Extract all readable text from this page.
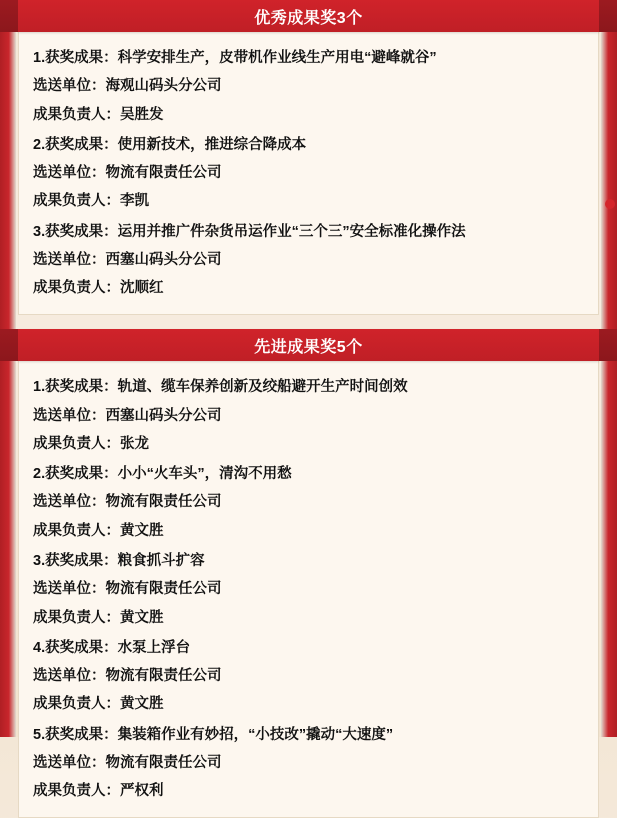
优秀成果奖3个
1.获奖成果：科学安排生产，皮带机作业线生产用电“避峰就谷”
选送单位：海观山码头分公司
成果负责人：吴胜发
2.获奖成果：使用新技术，推进综合降成本
选送单位：物流有限责任公司
成果负责人：李凯
3.获奖成果：运用并推广件杂货吊运作业“三个三”安全标准化操作法
选送单位：西塞山码头分公司
成果负责人：沈顺红
先进成果奖5个
1.获奖成果：轨道、缆车保养创新及绞船避开生产时间创效
选送单位：西塞山码头分公司
成果负责人：张龙
2.获奖成果：小小“火车头”，清沟不用愁
选送单位：物流有限责任公司
成果负责人：黄文胜
3.获奖成果：粮食抓斗扩容
选送单位：物流有限责任公司
成果负责人：黄文胜
4.获奖成果：水泵上浮台
选送单位：物流有限责任公司
成果负责人：黄文胜
5.获奖成果：集装箱作业有妙招，“小技改”撬动“大速度”
选送单位：物流有限责任公司
成果负责人：严权利
